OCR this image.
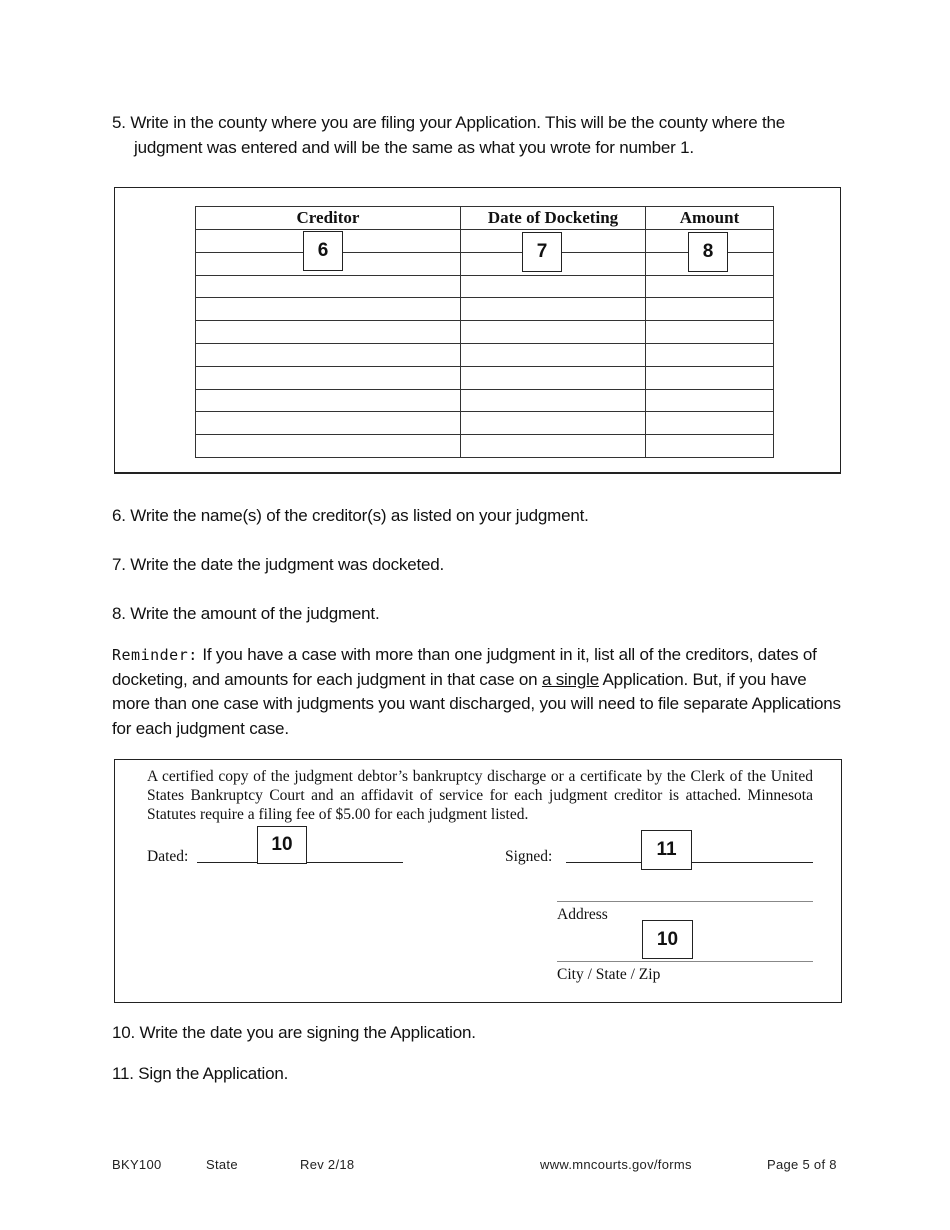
5. Write in the county where you are filing your Application. This will be the county where the
judgment was entered and will be the same as what you wrote for number 1.
Creditor	Date of Docketing	Amount

6	7	8
6. Write the name(s) of the creditor(s) as listed on your judgment.
7. Write the date the judgment was docketed.
8. Write the amount of the judgment.
Reminder: If you have a case with more than one judgment in it, list all of the creditors, dates of docketing, and amounts for each judgment in that case on a single Application. But, if you have more than one case with judgments you want discharged, you will need to file separate Applications for each judgment case.
A certified copy of the judgment debtor’s bankruptcy discharge or a certificate by the Clerk of the United States Bankruptcy Court and an affidavit of service for each judgment creditor is attached. Minnesota Statutes require a filing fee of $5.00 for each judgment listed.
Dated:	Signed:
Address
City / State / Zip
10	11
10
10. Write the date you are signing the Application.
11. Sign the Application.
BKY100	State	Rev 2/18	www.mncourts.gov/forms	Page 5 of 8
